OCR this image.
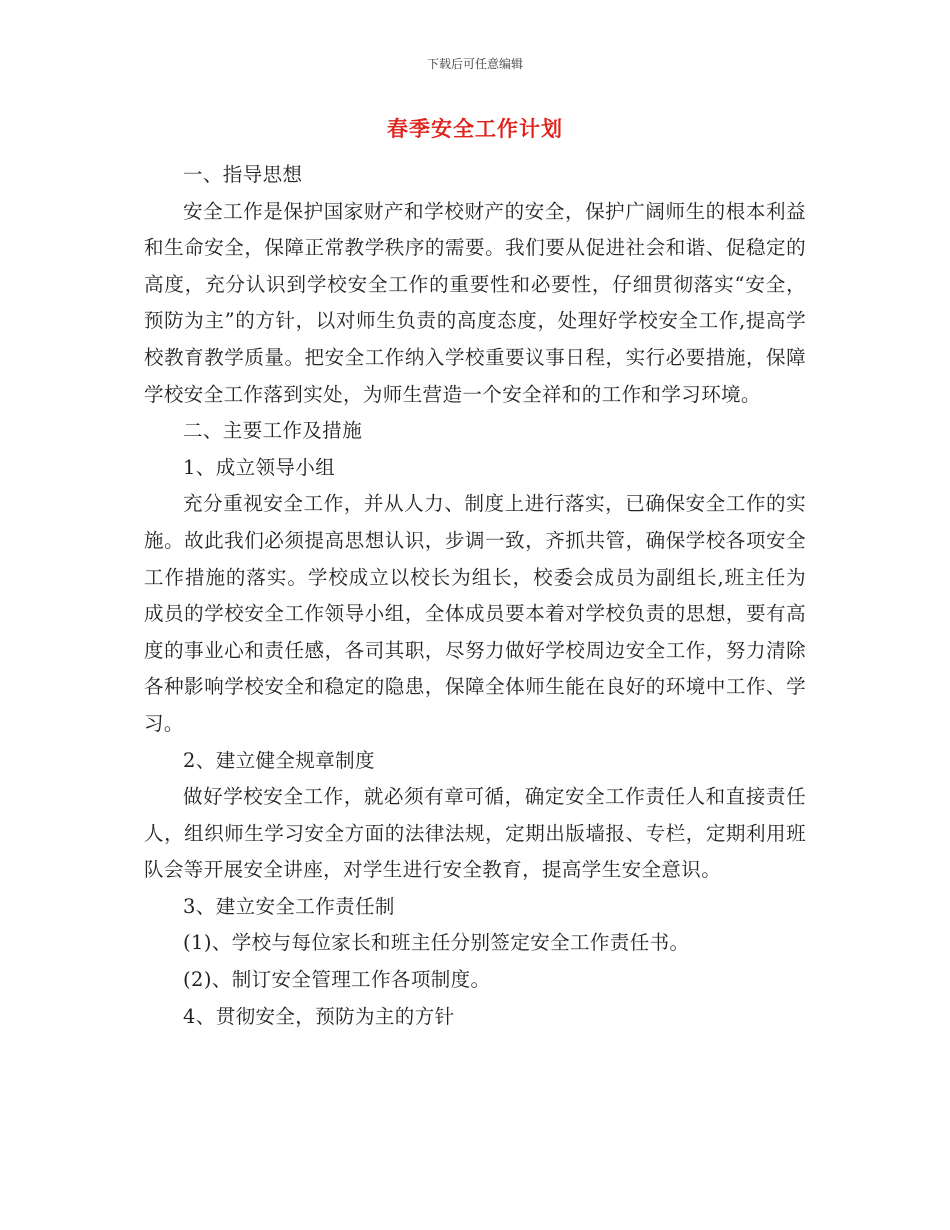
下载后可任意编辑
春季安全工作计划

一、指导思想

安全工作是保护国家财产和学校财产的安全，保护广阔师生的根本利益和生命安全，保障正常教学秩序的需要。我们要从促进社会和谐、促稳定的高度，充分认识到学校安全工作的重要性和必要性，仔细贯彻落实“安全，预防为主”的方针，以对师生负责的高度态度，处理好学校安全工作,提高学校教育教学质量。把安全工作纳入学校重要议事日程，实行必要措施，保障学校安全工作落到实处，为师生营造一个安全祥和的工作和学习环境。

二、主要工作及措施

1、成立领导小组

充分重视安全工作，并从人力、制度上进行落实，已确保安全工作的实施。故此我们必须提高思想认识，步调一致，齐抓共管，确保学校各项安全工作措施的落实。学校成立以校长为组长，校委会成员为副组长,班主任为成员的学校安全工作领导小组，全体成员要本着对学校负责的思想，要有高度的事业心和责任感，各司其职，尽努力做好学校周边安全工作，努力清除各种影响学校安全和稳定的隐患，保障全体师生能在良好的环境中工作、学习。

2、建立健全规章制度

做好学校安全工作，就必须有章可循，确定安全工作责任人和直接责任人，组织师生学习安全方面的法律法规，定期出版墙报、专栏，定期利用班队会等开展安全讲座，对学生进行安全教育，提高学生安全意识。

3、建立安全工作责任制

(1)、学校与每位家长和班主任分别签定安全工作责任书。

(2)、制订安全管理工作各项制度。

4、贯彻安全，预防为主的方针
